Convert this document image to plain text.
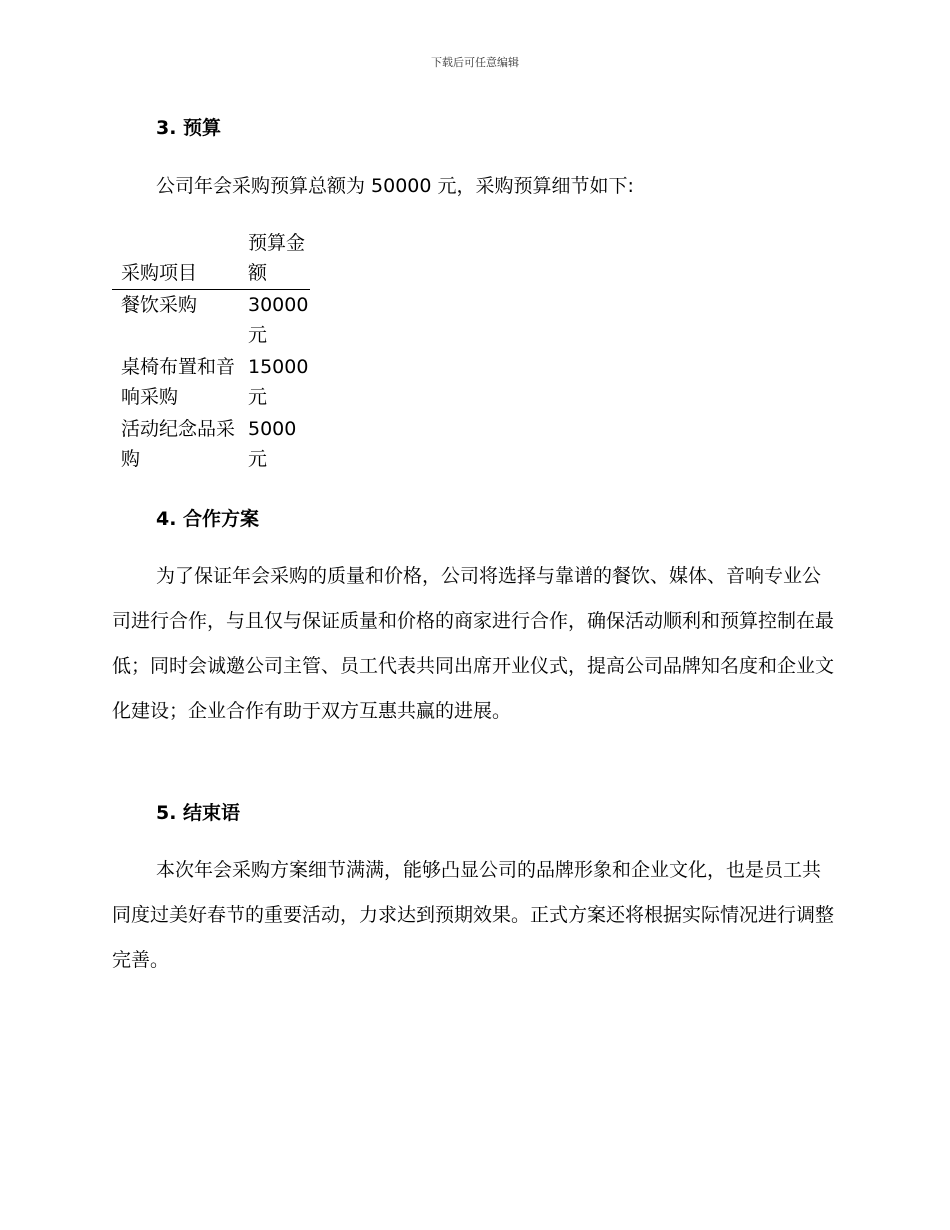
下载后可任意编辑
3. 预算

公司年会采购预算总额为 50000 元，采购预算细节如下:

采购项目	预算金额
餐饮采购	30000元
桌椅布置和音响采购	15000元
活动纪念品采购	5000元
4. 合作方案

为了保证年会采购的质量和价格，公司将选择与靠谱的餐饮、媒体、音响专业公司进行合作，与且仅与保证质量和价格的商家进行合作，确保活动顺利和预算控制在最低；同时会诚邀公司主管、员工代表共同出席开业仪式，提高公司品牌知名度和企业文化建设；企业合作有助于双方互惠共赢的进展。

5. 结束语

本次年会采购方案细节满满，能够凸显公司的品牌形象和企业文化，也是员工共同度过美好春节的重要活动，力求达到预期效果。正式方案还将根据实际情况进行调整完善。
